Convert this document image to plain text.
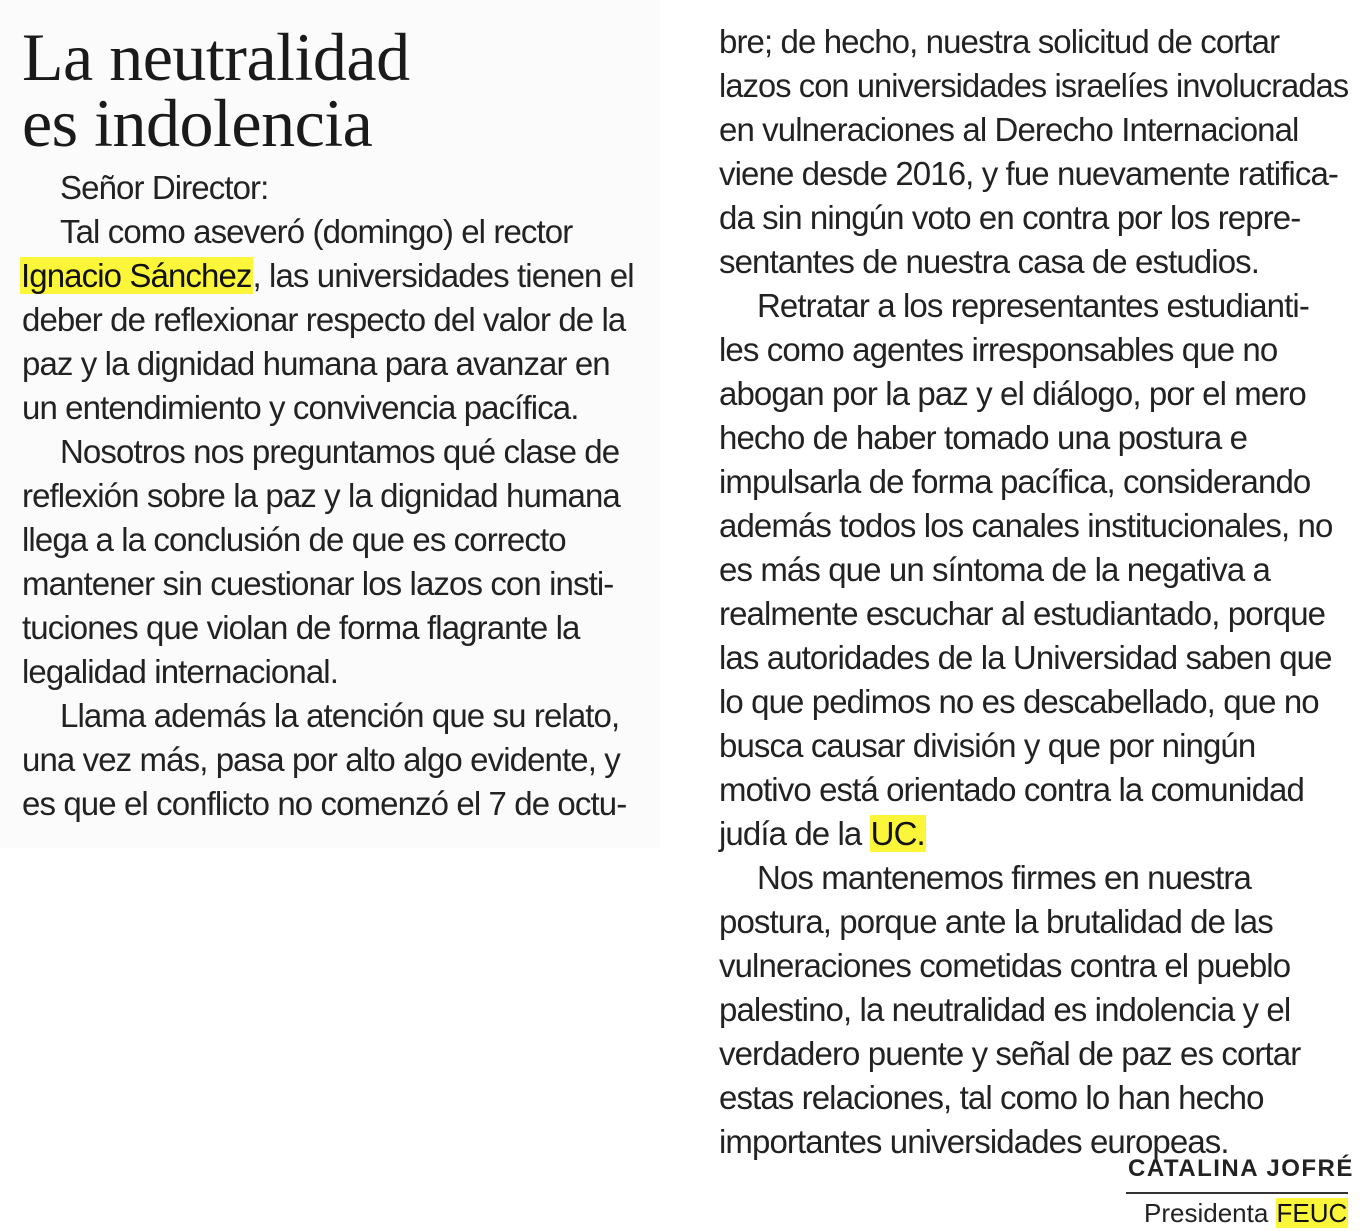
La neutralidad
es indolencia
Señor Director:
Tal como aseveró (domingo) el rector
Ignacio Sánchez, las universidades tienen el
deber de reflexionar respecto del valor de la
paz y la dignidad humana para avanzar en
un entendimiento y convivencia pacífica.
Nosotros nos preguntamos qué clase de
reflexión sobre la paz y la dignidad humana
llega a la conclusión de que es correcto
mantener sin cuestionar los lazos con insti-
tuciones que violan de forma flagrante la
legalidad internacional.
Llama además la atención que su relato,
una vez más, pasa por alto algo evidente, y
es que el conflicto no comenzó el 7 de octu-
bre; de hecho, nuestra solicitud de cortar
lazos con universidades israelíes involucradas
en vulneraciones al Derecho Internacional
viene desde 2016, y fue nuevamente ratifica-
da sin ningún voto en contra por los repre-
sentantes de nuestra casa de estudios.
Retratar a los representantes estudianti-
les como agentes irresponsables que no
abogan por la paz y el diálogo, por el mero
hecho de haber tomado una postura e
impulsarla de forma pacífica, considerando
además todos los canales institucionales, no
es más que un síntoma de la negativa a
realmente escuchar al estudiantado, porque
las autoridades de la Universidad saben que
lo que pedimos no es descabellado, que no
busca causar división y que por ningún
motivo está orientado contra la comunidad
judía de la UC.
Nos mantenemos firmes en nuestra
postura, porque ante la brutalidad de las
vulneraciones cometidas contra el pueblo
palestino, la neutralidad es indolencia y el
verdadero puente y señal de paz es cortar
estas relaciones, tal como lo han hecho
importantes universidades europeas.
CATALINA JOFRÉ
Presidenta FEUC
